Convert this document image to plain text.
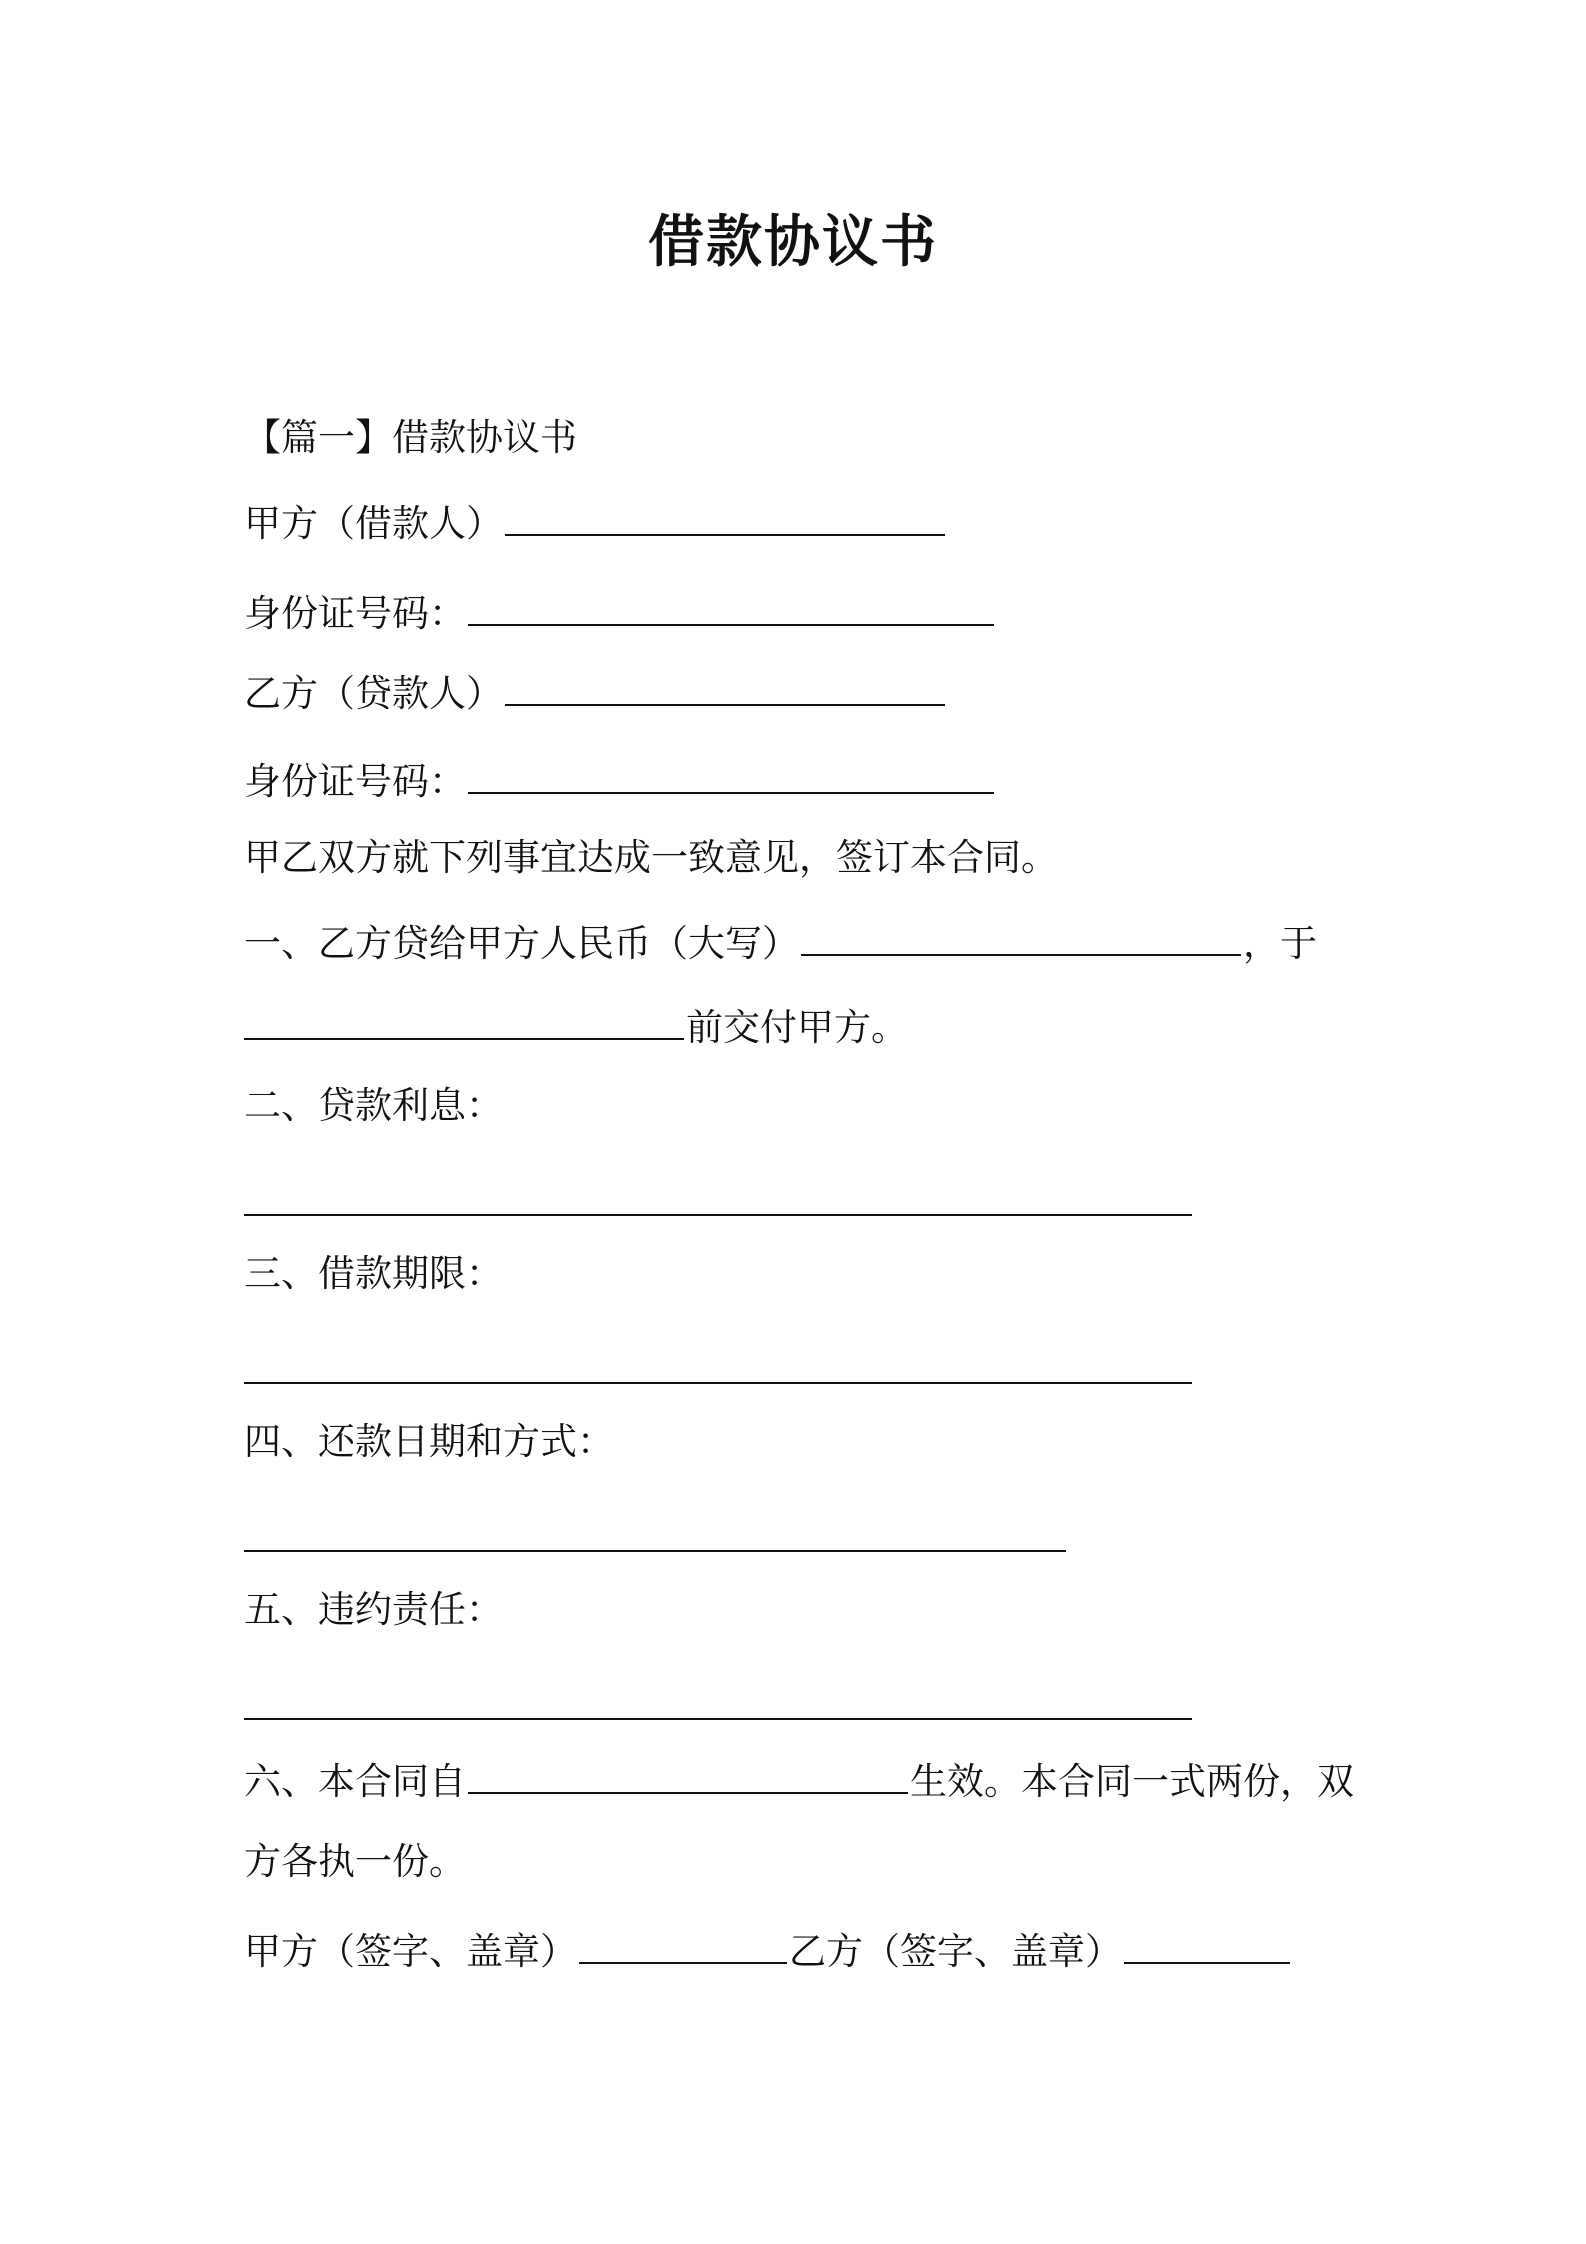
借款协议书
【篇一】借款协议书
甲方（借款人）
身份证号码：
乙方（贷款人）
身份证号码：
甲乙双方就下列事宜达成一致意见，签订本合同。
一、乙方贷给甲方人民币（大写）	，于
前交付甲方。
二、贷款利息：
三、借款期限：
四、还款日期和方式：
五、违约责任：
六、本合同自	生效。本合同一式两份，双
方各执一份。
甲方（签字、盖章）	乙方（签字、盖章）
